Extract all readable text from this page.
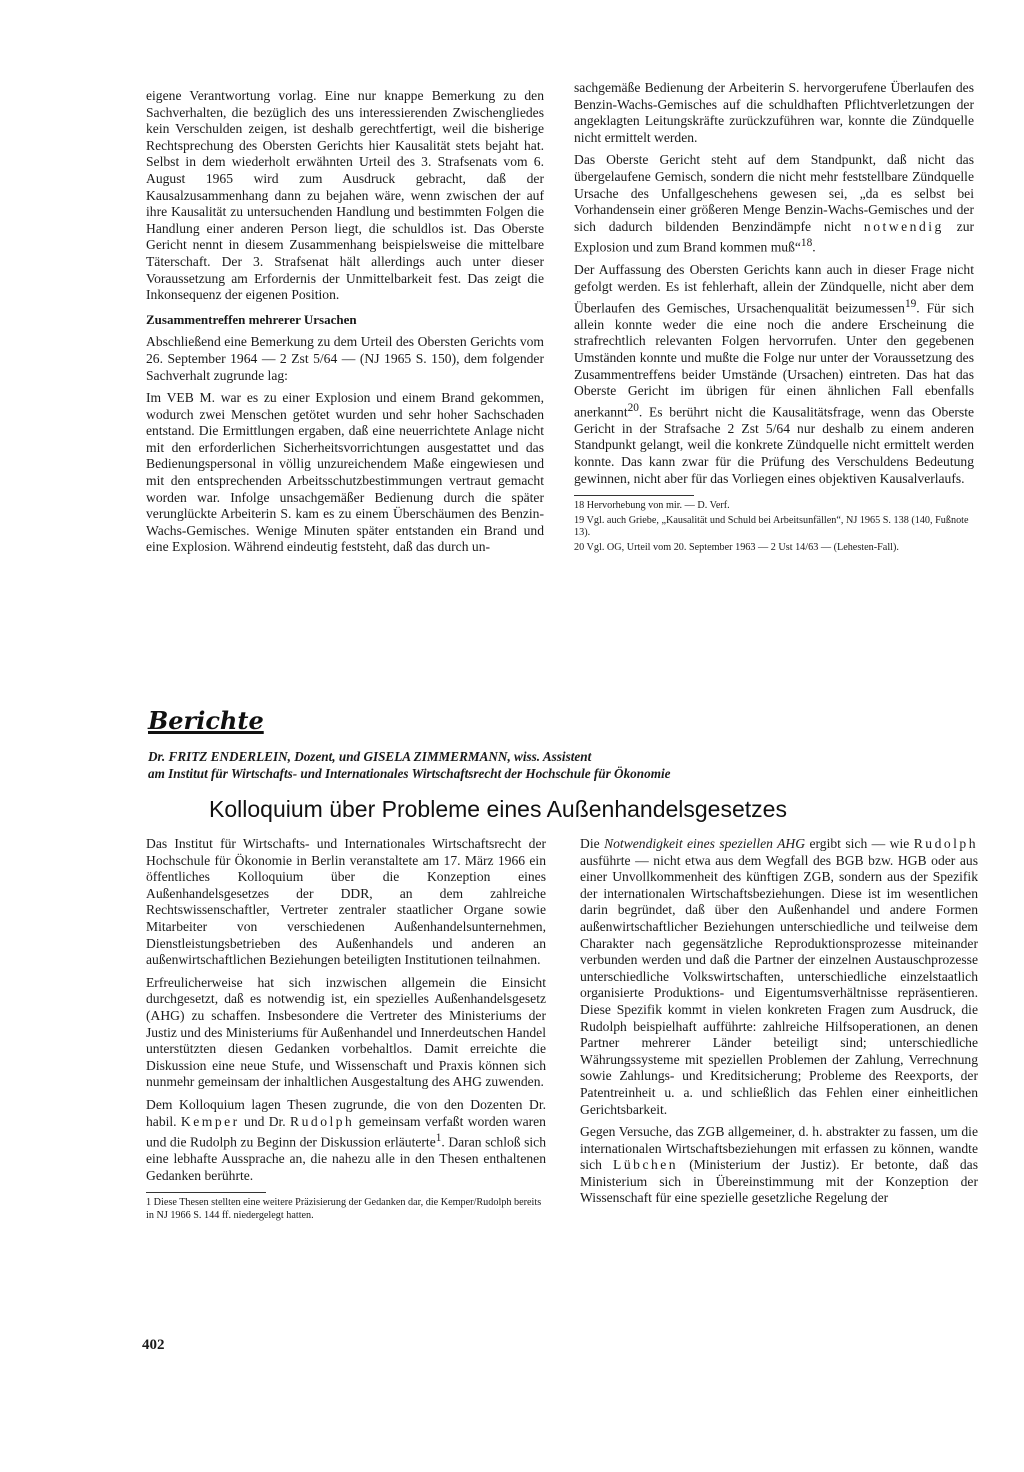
eigene Verantwortung vorlag. Eine nur knappe Bemerkung zu den Sachverhalten, die bezüglich des uns interessierenden Zwischengliedes kein Verschulden zeigen, ist deshalb gerechtfertigt, weil die bisherige Rechtsprechung des Obersten Gerichts hier Kausalität stets bejaht hat. Selbst in dem wiederholt erwähnten Urteil des 3. Strafsenats vom 6. August 1965 wird zum Ausdruck gebracht, daß der Kausalzusammenhang dann zu bejahen wäre, wenn zwischen der auf ihre Kausalität zu untersuchenden Handlung und bestimmten Folgen die Handlung einer anderen Person liegt, die schuldlos ist. Das Oberste Gericht nennt in diesem Zusammenhang beispielsweise die mittelbare Täterschaft. Der 3. Strafsenat hält allerdings auch unter dieser Voraussetzung am Erfordernis der Unmittelbarkeit fest. Das zeigt die Inkonsequenz der eigenen Position.

Zusammentreffen mehrerer Ursachen

Abschließend eine Bemerkung zu dem Urteil des Obersten Gerichts vom 26. September 1964 — 2 Zst 5/64 — (NJ 1965 S. 150), dem folgender Sachverhalt zugrunde lag:

Im VEB M. war es zu einer Explosion und einem Brand gekommen, wodurch zwei Menschen getötet wurden und sehr hoher Sachschaden entstand. Die Ermittlungen ergaben, daß eine neuerrichtete Anlage nicht mit den erforderlichen Sicherheitsvorrichtungen ausgestattet und das Bedienungspersonal in völlig unzureichendem Maße eingewiesen und mit den entsprechenden Arbeitsschutzbestimmungen vertraut gemacht worden war. Infolge unsachgemäßer Bedienung durch die später verunglückte Arbeiterin S. kam es zu einem Überschäumen des Benzin-Wachs-Gemisches. Wenige Minuten später entstanden ein Brand und eine Explosion. Während eindeutig feststeht, daß das durch un-

sachgemäße Bedienung der Arbeiterin S. hervorgerufene Überlaufen des Benzin-Wachs-Gemisches auf die schuldhaften Pflichtverletzungen der angeklagten Leitungskräfte zurückzuführen war, konnte die Zündquelle nicht ermittelt werden.

Das Oberste Gericht steht auf dem Standpunkt, daß nicht das übergelaufene Gemisch, sondern die nicht mehr feststellbare Zündquelle Ursache des Unfallgeschehens gewesen sei, „da es selbst bei Vorhandensein einer größeren Menge Benzin-Wachs-Gemisches und der sich dadurch bildenden Benzindämpfe nicht notwendig zur Explosion und zum Brand kommen muß“$^{18}$.

Der Auffassung des Obersten Gerichts kann auch in dieser Frage nicht gefolgt werden. Es ist fehlerhaft, allein der Zündquelle, nicht aber dem Überlaufen des Gemisches, Ursachenqualität beizumessen$^{19}$. Für sich allein konnte weder die eine noch die andere Erscheinung die strafrechtlich relevanten Folgen hervorrufen. Unter den gegebenen Umständen konnte und mußte die Folge nur unter der Voraussetzung des Zusammentreffens beider Umstände (Ursachen) eintreten. Das hat das Oberste Gericht im übrigen für einen ähnlichen Fall ebenfalls anerkannt$^{20}$. Es berührt nicht die Kausalitätsfrage, wenn das Oberste Gericht in der Strafsache 2 Zst 5/64 nur deshalb zu einem anderen Standpunkt gelangt, weil die konkrete Zündquelle nicht ermittelt werden konnte. Das kann zwar für die Prüfung des Verschuldens Bedeutung gewinnen, nicht aber für das Vorliegen eines objektiven Kausalverlaufs.

18 Hervorhebung von mir. — D. Verf.
19 Vgl. auch Griebe, „Kausalität und Schuld bei Arbeitsunfällen“, NJ 1965 S. 138 (140, Fußnote 13).
20 Vgl. OG, Urteil vom 20. September 1963 — 2 Ust 14/63 — (Lehesten-Fall).
Berichte
Dr. FRITZ ENDERLEIN, Dozent, und GISELA ZIMMERMANN, wiss. Assistent
am Institut für Wirtschafts- und Internationales Wirtschaftsrecht der Hochschule für Ökonomie
Kolloquium über Probleme eines Außenhandelsgesetzes

Das Institut für Wirtschafts- und Internationales Wirtschaftsrecht der Hochschule für Ökonomie in Berlin veranstaltete am 17. März 1966 ein öffentliches Kolloquium über die Konzeption eines Außenhandelsgesetzes der DDR, an dem zahlreiche Rechtswissenschaftler, Vertreter zentraler staatlicher Organe sowie Mitarbeiter von verschiedenen Außenhandelsunternehmen, Dienstleistungsbetrieben des Außenhandels und anderen an außenwirtschaftlichen Beziehungen beteiligten Institutionen teilnahmen.

Erfreulicherweise hat sich inzwischen allgemein die Einsicht durchgesetzt, daß es notwendig ist, ein spezielles Außenhandelsgesetz (AHG) zu schaffen. Insbesondere die Vertreter des Ministeriums der Justiz und des Ministeriums für Außenhandel und Innerdeutschen Handel unterstützten diesen Gedanken vorbehaltlos. Damit erreichte die Diskussion eine neue Stufe, und Wissenschaft und Praxis können sich nunmehr gemeinsam der inhaltlichen Ausgestaltung des AHG zuwenden.

Dem Kolloquium lagen Thesen zugrunde, die von den Dozenten Dr. habil. Kemper und Dr. Rudolph gemeinsam verfaßt worden waren und die Rudolph zu Beginn der Diskussion erläuterte$^1$. Daran schloß sich eine lebhafte Aussprache an, die nahezu alle in den Thesen enthaltenen Gedanken berührte.

1 Diese Thesen stellten eine weitere Präzisierung der Gedanken dar, die Kemper/Rudolph bereits in NJ 1966 S. 144 ff. niedergelegt hatten.

Die Notwendigkeit eines speziellen AHG ergibt sich — wie Rudolph ausführte — nicht etwa aus dem Wegfall des BGB bzw. HGB oder aus einer Unvollkommenheit des künftigen ZGB, sondern aus der Spezifik der internationalen Wirtschaftsbeziehungen. Diese ist im wesentlichen darin begründet, daß über den Außenhandel und andere Formen außenwirtschaftlicher Beziehungen unterschiedliche und teilweise dem Charakter nach gegensätzliche Reproduktionsprozesse miteinander verbunden werden und daß die Partner der einzelnen Austauschprozesse unterschiedliche Volkswirtschaften, unterschiedliche einzelstaatlich organisierte Produktions- und Eigentumsverhältnisse repräsentieren. Diese Spezifik kommt in vielen konkreten Fragen zum Ausdruck, die Rudolph beispielhaft aufführte: zahlreiche Hilfsoperationen, an denen Partner mehrerer Länder beteiligt sind; unterschiedliche Währungssysteme mit speziellen Problemen der Zahlung, Verrechnung sowie Zahlungs- und Kreditsicherung; Probleme des Reexports, der Patentreinheit u. a. und schließlich das Fehlen einer einheitlichen Gerichtsbarkeit.

Gegen Versuche, das ZGB allgemeiner, d. h. abstrakter zu fassen, um die internationalen Wirtschaftsbeziehungen mit erfassen zu können, wandte sich Lübchen (Ministerium der Justiz). Er betonte, daß das Ministerium sich in Übereinstimmung mit der Konzeption der Wissenschaft für eine spezielle gesetzliche Regelung der

402
